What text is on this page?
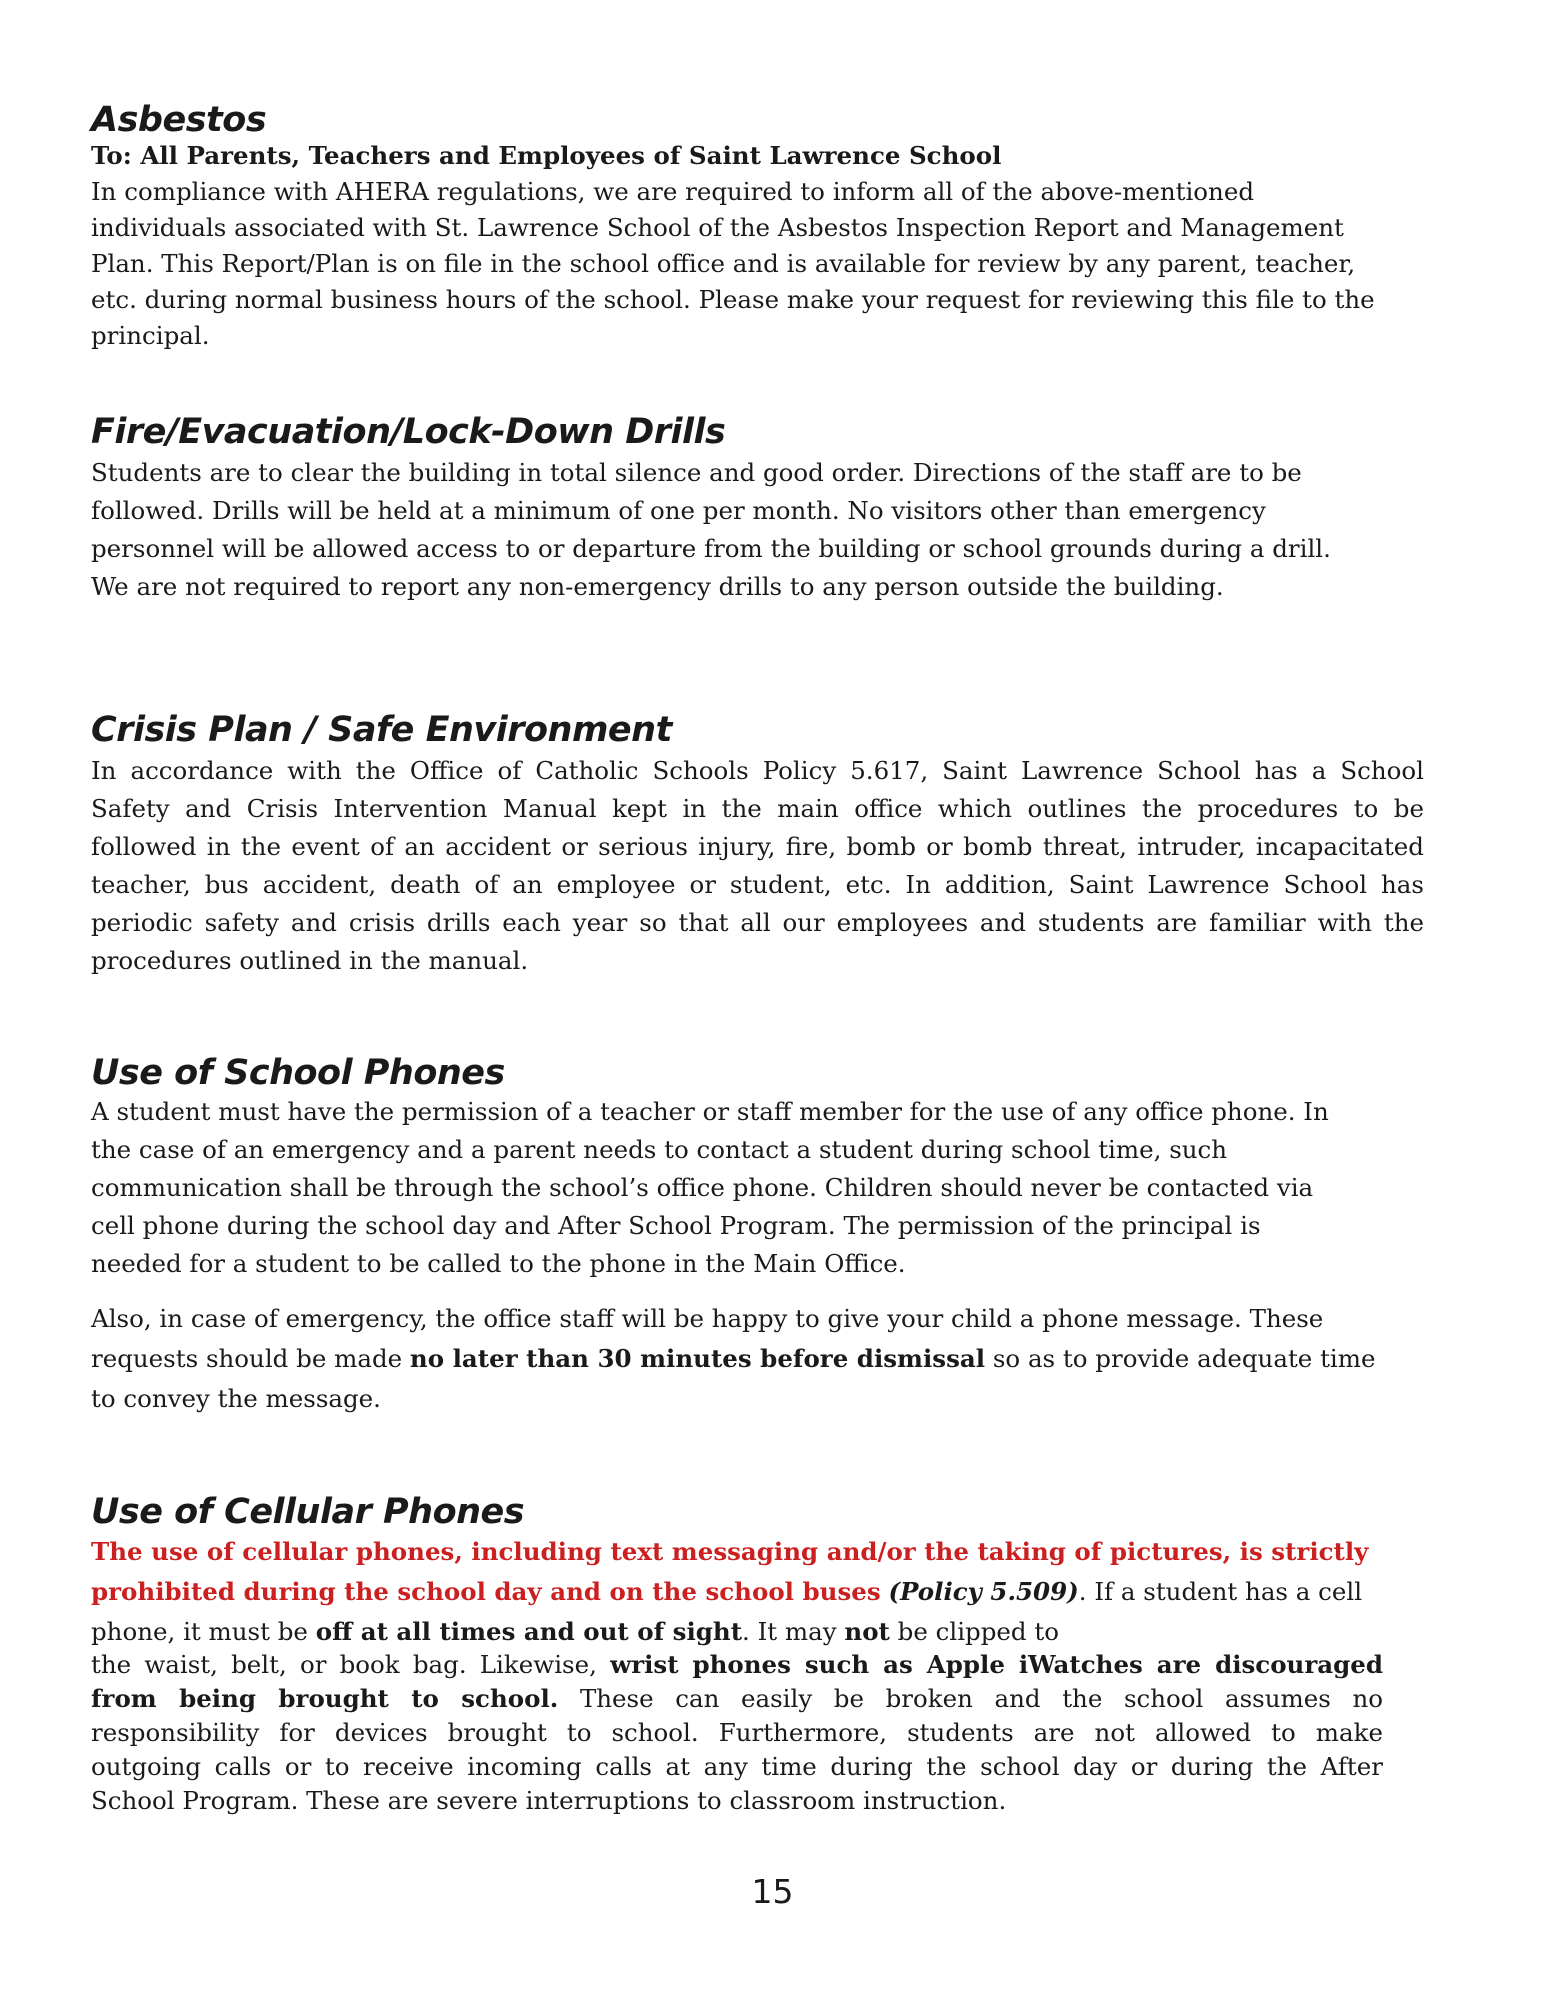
Asbestos
To: All Parents, Teachers and Employees of Saint Lawrence School

In compliance with AHERA regulations, we are required to inform all of the above-mentioned

individuals associated with St. Lawrence School of the Asbestos Inspection Report and Management

Plan. This Report/Plan is on file in the school office and is available for review by any parent, teacher,

etc. during normal business hours of the school. Please make your request for reviewing this file to the

principal.

Fire/Evacuation/Lock-Down Drills

Students are to clear the building in total silence and good order. Directions of the staff are to be

followed. Drills will be held at a minimum of one per month. No visitors other than emergency

personnel will be allowed access to or departure from the building or school grounds during a drill.

We are not required to report any non-emergency drills to any person outside the building.

Crisis Plan / Safe Environment

In accordance with the Office of Catholic Schools Policy 5.617, Saint Lawrence School has a School

Safety and Crisis Intervention Manual kept in the main office which outlines the procedures to be

followed in the event of an accident or serious injury, fire, bomb or bomb threat, intruder, incapacitated

teacher, bus accident, death of an employee or student, etc. In addition, Saint Lawrence School has

periodic safety and crisis drills each year so that all our employees and students are familiar with the

procedures outlined in the manual.

Use of School Phones

A student must have the permission of a teacher or staff member for the use of any office phone. In

the case of an emergency and a parent needs to contact a student during school time, such

communication shall be through the school’s office phone. Children should never be contacted via

cell phone during the school day and After School Program. The permission of the principal is

needed for a student to be called to the phone in the Main Office.

Also, in case of emergency, the office staff will be happy to give your child a phone message. These

requests should be made no later than 30 minutes before dismissal so as to provide adequate time

to convey the message.

Use of Cellular Phones

The use of cellular phones, including text messaging and/or the taking of pictures, is strictly

prohibited during the school day and on the school buses (Policy 5.509). If a student has a cell

phone, it must be off at all times and out of sight. It may not be clipped to

the waist, belt, or book bag. Likewise, wrist phones such as Apple iWatches are discouraged

from being brought to school. These can easily be broken and the school assumes no

responsibility for devices brought to school. Furthermore, students are not allowed to make

outgoing calls or to receive incoming calls at any time during the school day or during the After

School Program. These are severe interruptions to classroom instruction.

15
